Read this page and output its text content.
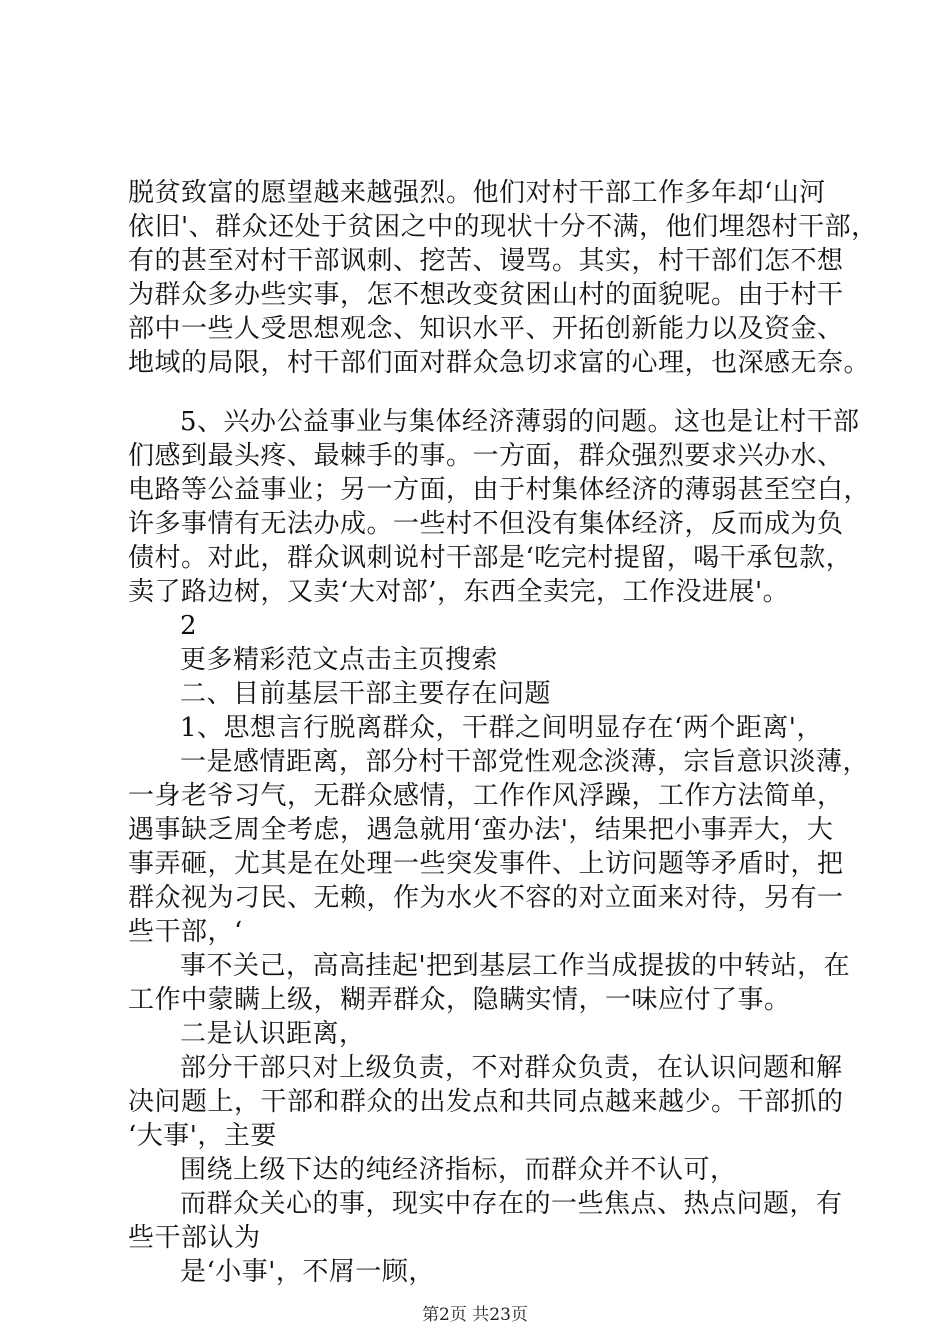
脱贫致富的愿望越来越强烈。他们对村干部工作多年却‘山河
依旧'、群众还处于贫困之中的现状十分不满，他们埋怨村干部，
有的甚至对村干部讽刺、挖苦、谩骂。其实，村干部们怎不想
为群众多办些实事，怎不想改变贫困山村的面貌呢。由于村干
部中一些人受思想观念、知识水平、开拓创新能力以及资金、
地域的局限，村干部们面对群众急切求富的心理，也深感无奈。
5、兴办公益事业与集体经济薄弱的问题。这也是让村干部
们感到最头疼、最棘手的事。一方面，群众强烈要求兴办水、
电路等公益事业；另一方面，由于村集体经济的薄弱甚至空白，
许多事情有无法办成。一些村不但没有集体经济，反而成为负
债村。对此，群众讽刺说村干部是‘吃完村提留，喝干承包款，
卖了路边树，又卖‘大对部’，东西全卖完，工作没进展'。
2
更多精彩范文点击主页搜索
二、目前基层干部主要存在问题
1、思想言行脱离群众，干群之间明显存在‘两个距离'，
一是感情距离，部分村干部党性观念淡薄，宗旨意识淡薄，
一身老爷习气，无群众感情，工作作风浮躁，工作方法简单，
遇事缺乏周全考虑，遇急就用‘蛮办法'，结果把小事弄大，大
事弄砸，尤其是在处理一些突发事件、上访问题等矛盾时，把
群众视为刁民、无赖，作为水火不容的对立面来对待，另有一
些干部，‘
事不关己，高高挂起'把到基层工作当成提拔的中转站，在
工作中蒙瞒上级，糊弄群众，隐瞒实情，一味应付了事。
二是认识距离，
部分干部只对上级负责，不对群众负责，在认识问题和解
决问题上，干部和群众的出发点和共同点越来越少。干部抓的
‘大事'，主要
围绕上级下达的纯经济指标，而群众并不认可，
而群众关心的事，现实中存在的一些焦点、热点问题，有
些干部认为
是‘小事'，不屑一顾，
第2页 共23页
